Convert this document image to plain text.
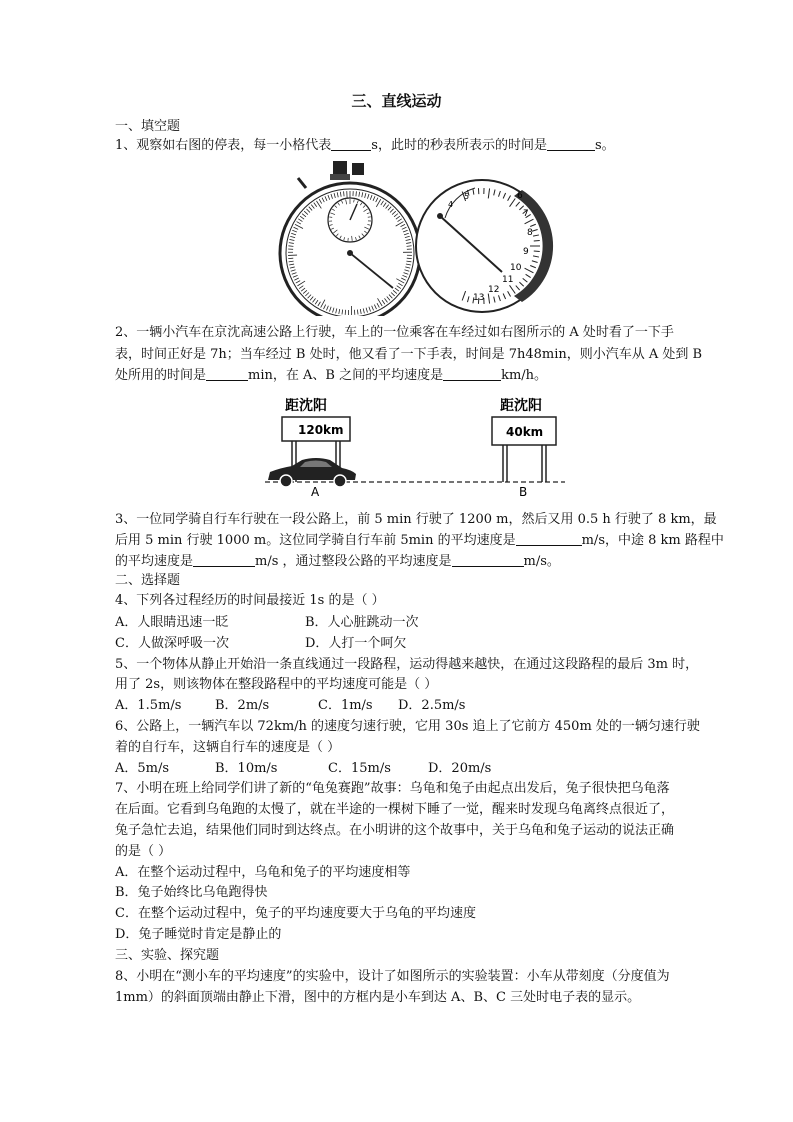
三、直线运动
一、填空题
1、观察如右图的停表，每一小格代表	s，此时的秒表所表示的时间是	s。
4
5	6
7
8
9
10
11
12
13
2、一辆小汽车在京沈高速公路上行驶，车上的一位乘客在车经过如右图所示的 A 处时看了一下手
表，时间正好是 7h；当车经过 B 处时，他又看了一下手表，时间是 7h48min，则小汽车从 A 处到 B
处所用的时间是	min，在 A、B 之间的平均速度是	km/h。
距沈阳
120km
距沈阳
40km
A	B
3、一位同学骑自行车行驶在一段公路上，前 5 min 行驶了 1200 m，然后又用 0.5 h 行驶了 8 km，最
后用 5 min 行驶 1000 m。这位同学骑自行车前 5min 的平均速度是	m/s，中途 8 km 路程中
的平均速度是	m/s ，通过整段公路的平均速度是	m/s。
二、选择题
4、下列各过程经历的时间最接近 1s 的是（ ）
A．人眼睛迅速一眨	B．人心脏跳动一次
C．人做深呼吸一次	D．人打一个呵欠
5、一个物体从静止开始沿一条直线通过一段路程，运动得越来越快，在通过这段路程的最后 3m 时，
用了 2s，则该物体在整段路程中的平均速度可能是（ ）
A．1.5m/s	B．2m/s	C．1m/s D．2.5m/s
6、公路上，一辆汽车以 72km/h 的速度匀速行驶，它用 30s 追上了它前方 450m 处的一辆匀速行驶
着的自行车，这辆自行车的速度是（ ）
A．5m/s	B．10m/s	C．15m/s	D．20m/s
7、小明在班上给同学们讲了新的“龟兔赛跑”故事：乌龟和兔子由起点出发后，兔子很快把乌龟落
在后面。它看到乌龟跑的太慢了，就在半途的一棵树下睡了一觉，醒来时发现乌龟离终点很近了，
兔子急忙去追，结果他们同时到达终点。在小明讲的这个故事中，关于乌龟和兔子运动的说法正确
的是（ ）
A．在整个运动过程中，乌龟和兔子的平均速度相等
B．兔子始终比乌龟跑得快
C．在整个运动过程中，兔子的平均速度要大于乌龟的平均速度
D．兔子睡觉时肯定是静止的
三、实验、探究题
8、小明在“测小车的平均速度”的实验中，设计了如图所示的实验装置：小车从带刻度（分度值为
1mm）的斜面顶端由静止下滑，图中的方框内是小车到达 A、B、C 三处时电子表的显示。
